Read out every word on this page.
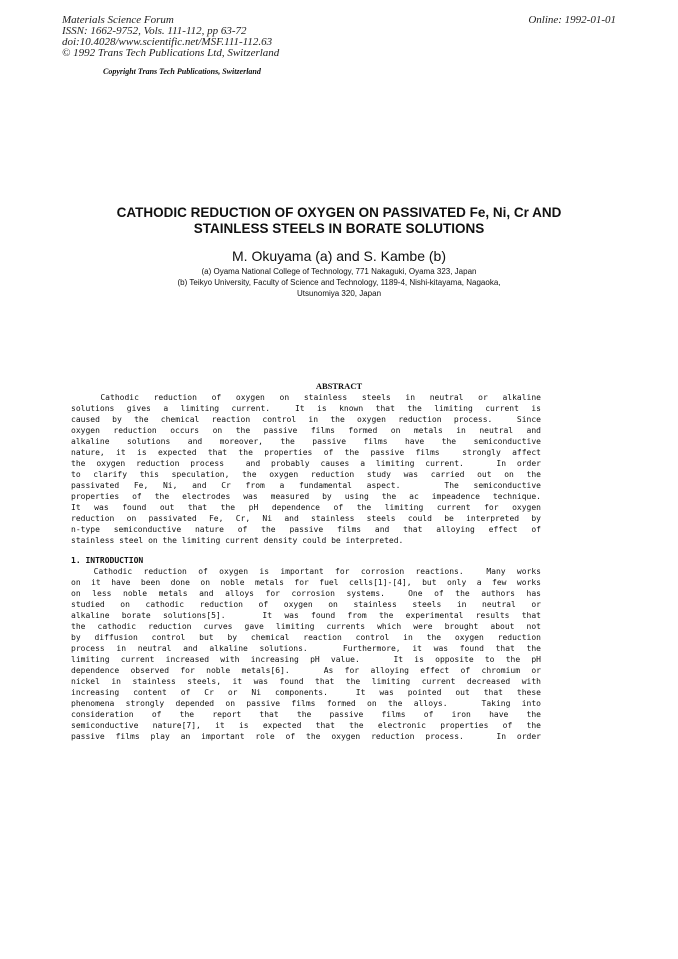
Materials Science Forum
ISSN: 1662-9752, Vols. 111-112, pp 63-72
doi:10.4028/www.scientific.net/MSF.111-112.63
© 1992 Trans Tech Publications Ltd, Switzerland
Online: 1992-01-01
Copyright Trans Tech Publications, Switzerland
CATHODIC REDUCTION OF OXYGEN ON PASSIVATED Fe, Ni, Cr AND
STAINLESS STEELS IN BORATE SOLUTIONS
M. Okuyama (a) and S. Kambe (b)
(a) Oyama National College of Technology, 771 Nakaguki, Oyama 323, Japan
(b) Teikyo University, Faculty of Science and Technology, 1189-4, Nishi-kitayama, Nagaoka,
Utsunomiya 320, Japan
ABSTRACT
Cathodic reduction of oxygen on stainless steels in neutral or alkaline
solutions gives a limiting current.  It is known that the limiting current is
caused by the chemical reaction control in the oxygen reduction process.  Since
oxygen reduction occurs on the passive films formed on metals in neutral and
alkaline solutions and moreover, the passive films have the semiconductive
nature, it is expected that the properties of the passive films  strongly affect
the oxygen reduction process  and probably causes a limiting current.   In order
to clarify this speculation, the oxygen reduction study was carried out on the
passivated Fe, Ni, and Cr from a fundamental aspect.   The semiconductive
properties of the electrodes was measured by using the ac impeadence technique.
It was found out that the pH dependence of the limiting current for oxygen
reduction on passivated Fe, Cr, Ni and stainless steels could be interpreted by
n-type semiconductive nature of the passive films and that alloying effect of
stainless steel on the limiting current density could be interpreted.
1. INTRODUCTION
Cathodic reduction of oxygen is important for corrosion reactions.  Many works
on it have been done on noble metals for fuel cells[1]-[4], but only a few works
on less noble metals and alloys for corrosion systems.  One of the authors has
studied on cathodic reduction of oxygen on stainless steels in neutral or
alkaline borate solutions[5].   It was found from the experimental results that
the cathodic reduction curves gave limiting currents which were brought about not
by diffusion control but by chemical reaction control in the oxygen reduction
process in neutral and alkaline solutions.   Furthermore, it was found that the
limiting current increased with increasing pH value.   It is opposite to the pH
dependence observed for noble metals[6].   As for alloying effect of chromium or
nickel in stainless steels, it was found that the limiting current decreased with
increasing content of Cr or Ni components.  It was pointed out that these
phenomena strongly depended on passive films formed on the alloys.   Taking into
consideration of the report that the passive films of iron have the
semiconductive nature[7], it is expected that the electronic properties of the
passive films play an important role of the oxygen reduction process.   In order
